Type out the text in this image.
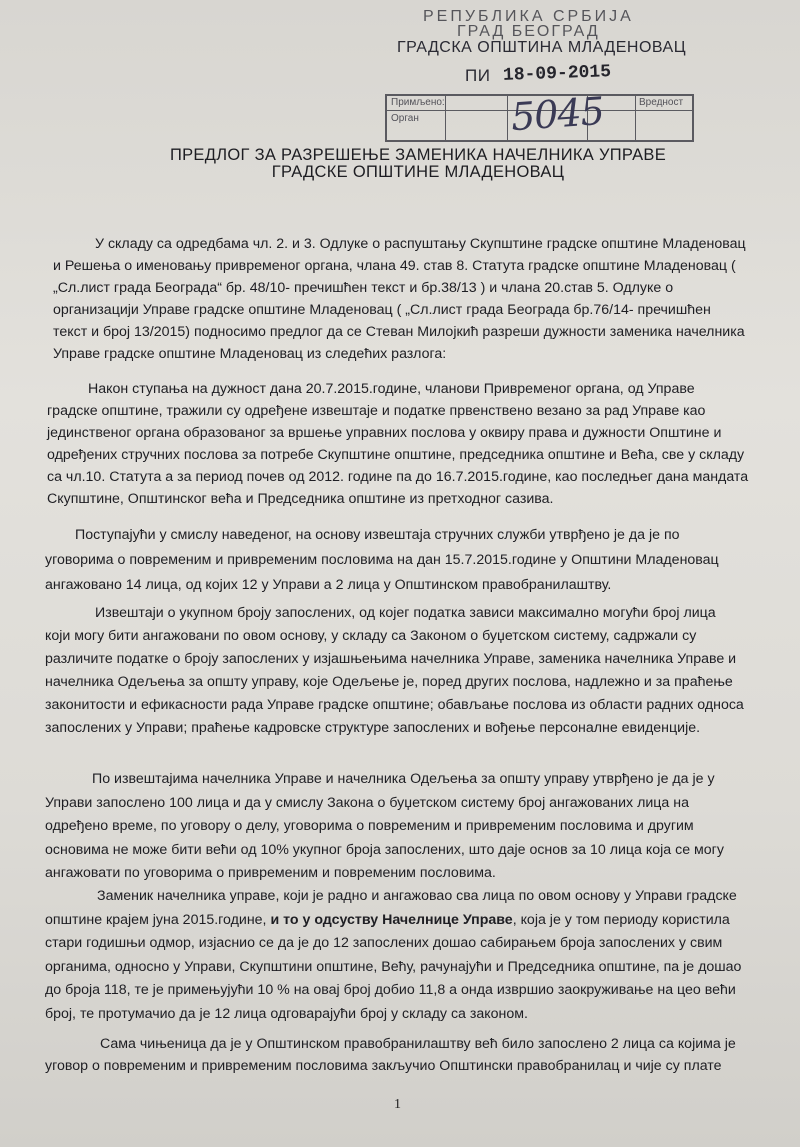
РЕПУБЛИКА СРБИЈА
ГРАД БЕОГРАД
ГРАДСКА ОПШТИНА МЛАДЕНОВАЦ
ПИ 18-09-2015
Примљено:
Орган
Вредност
5045
ПРЕДЛОГ ЗА РАЗРЕШЕЊЕ ЗАМЕНИКА НАЧЕЛНИКА УПРАВЕ
ГРАДСКЕ ОПШТИНЕ МЛАДЕНОВАЦ
У складу са одредбама чл. 2. и 3. Одлуке о распуштању Скупштине градске општине Младеновац
и Решења о именовању привременог органа, члана 49. став 8. Статута градске општине Младеновац (
„Сл.лист града Београда“ бр. 48/10- пречишћен текст и бр.38/13 ) и члана 20.став 5. Одлуке о
организацији Управе градске општине Младеновац ( „Сл.лист града Београда бр.76/14- пречишћен
текст и број 13/2015) подносимо предлог да се Стеван Милојкић разреши дужности заменика начелника
Управе градске општине Младеновац из следећих разлога:
Након ступања на дужност дана 20.7.2015.године, чланови Привременог органа, од Управе
градске општине, тражили су одређене извештаје и податке првенствено везано за рад Управе као
јединственог органа образованог за вршење управних послова у оквиру права и дужности Општине и
одређених стручних послова за потребе Скупштине општине, председника општине и Већа, све у складу
са чл.10. Статута а за период почев од 2012. године па до 16.7.2015.године, као последњег дана мандата
Скупштине, Општинског већа и Председника општине из претходног сазива.
Поступајући у смислу наведеног, на основу извештаја стручних служби утврђено је да је по
уговорима о повременим и привременим пословима на дан 15.7.2015.године у Општини Младеновац
ангажовано 14 лица, од којих 12 у Управи а 2 лица у Општинском правобранилаштву.
Извештаји о укупном броју запослених, од којег податка зависи максимално могући број лица
који могу бити ангажовани по овом основу, у складу са Законом о буџетском систему, садржали су
различите податке о броју запослених у изјашњењима начелника Управе, заменика начелника Управе и
начелника Одељења за општу управу, које Одељење је, поред других послова, надлежно и за праћење
законитости и ефикасности рада Управе градске општине; обављање послова из области радних односа
запослених у Управи; праћење кадровске структуре запослених и вођење персоналне евиденције.
По извештајима начелника Управе и начелника Одељења за општу управу утврђено је да је у
Управи запослено 100 лица и да у смислу Закона о буџетском систему број ангажованих лица на
одређено време, по уговору о делу, уговорима о повременим и привременим пословима и другим
основима не може бити већи од 10% укупног броја запослених, што даје основ за 10 лица која се могу
ангажовати по уговорима о привременим и повременим пословима.
Заменик начелника управе, који је радно и ангажовао сва лица по овом основу у Управи градске
општине крајем јуна 2015.године, и то у одсуству Начелнице Управе, која је у том периоду користила
стари годишњи одмор, изјаснио се да је до 12 запослених дошао сабирањем броја запослених у свим
органима, односно у Управи, Скупштини општине, Већу, рачунајући и Председника општине, па је дошао
до броја 118, те је примењујући 10 % на овај број добио 11,8 а онда извршио заокруживање на цео већи
број, те протумачио да је 12 лица одговарајући број у складу са законом.
Сама чињеница да је у Општинском правобранилаштву већ било запослено 2 лица са којима је
уговор о повременим и привременим пословима закључио Општински правобранилац и чије су плате
1
